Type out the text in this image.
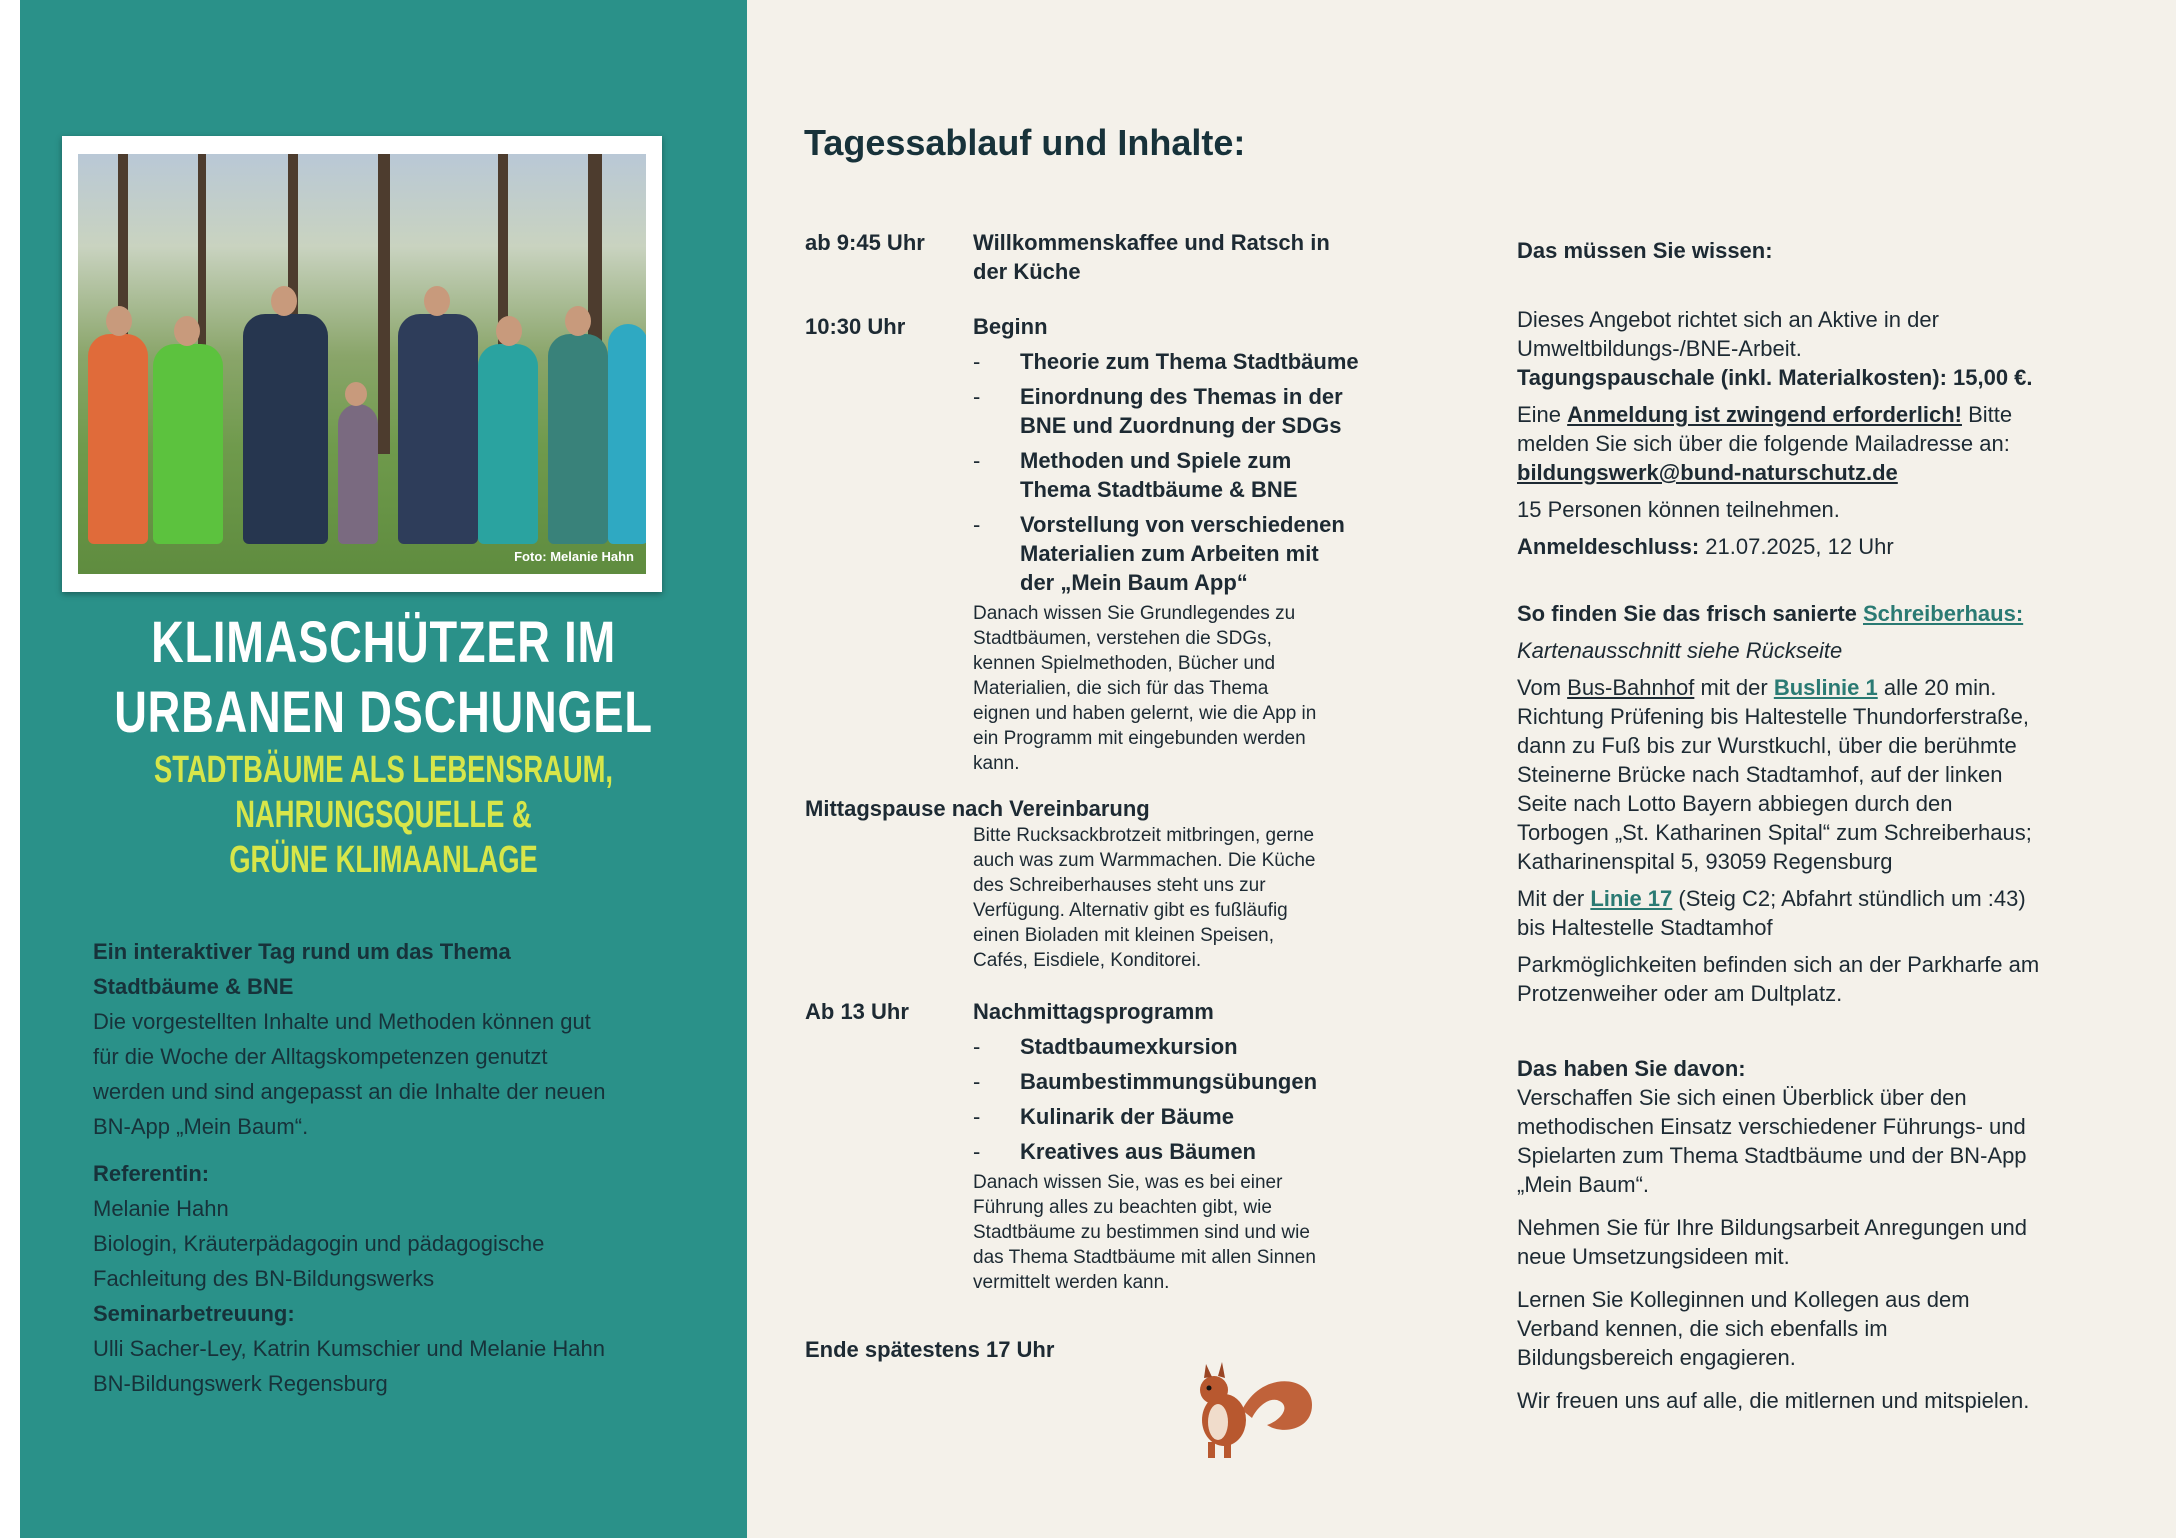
Foto: Melanie Hahn
KLIMASCHÜTZER IM
URBANEN DSCHUNGEL
STADTBÄUME ALS LEBENSRAUM,
NAHRUNGSQUELLE &
GRÜNE KLIMAANLAGE
Ein interaktiver Tag rund um das Thema
Stadtbäume & BNE
Die vorgestellten Inhalte und Methoden können gut
für die Woche der Alltagskompetenzen genutzt
werden und sind angepasst an die Inhalte der neuen
BN-App „Mein Baum“.
Referentin:
Melanie Hahn
Biologin, Kräuterpädagogin und pädagogische
Fachleitung des BN-Bildungswerks
Seminarbetreuung:
Ulli Sacher-Ley, Katrin Kumschier und Melanie Hahn
BN-Bildungswerk Regensburg
Tagessablauf und Inhalte:
ab 9:45 Uhr Willkommenskaffee und Ratsch in
der Küche
10:30 Uhr	Beginn
- Theorie zum Thema Stadtbäume
- Einordnung des Themas in der
BNE und Zuordnung der SDGs
- Methoden und Spiele zum
Thema Stadtbäume & BNE
- Vorstellung von verschiedenen
Materialien zum Arbeiten mit
der „Mein Baum App“
Danach wissen Sie Grundlegendes zu
Stadtbäumen, verstehen die SDGs,
kennen Spielmethoden, Bücher und
Materialien, die sich für das Thema
eignen und haben gelernt, wie die App in
ein Programm mit eingebunden werden
kann.
Mittagspause nach Vereinbarung
Bitte Rucksackbrotzeit mitbringen, gerne
auch was zum Warmmachen. Die Küche
des Schreiberhauses steht uns zur
Verfügung. Alternativ gibt es fußläufig
einen Bioladen mit kleinen Speisen,
Cafés, Eisdiele, Konditorei.
Ab 13 Uhr	Nachmittagsprogramm
- Stadtbaumexkursion
- Baumbestimmungsübungen
- Kulinarik der Bäume
- Kreatives aus Bäumen
Danach wissen Sie, was es bei einer
Führung alles zu beachten gibt, wie
Stadtbäume zu bestimmen sind und wie
das Thema Stadtbäume mit allen Sinnen
vermittelt werden kann.
Ende spätestens 17 Uhr

Das müssen Sie wissen:

Dieses Angebot richtet sich an Aktive in der

Umweltbildungs-/BNE-Arbeit.

Tagungspauschale (inkl. Materialkosten): 15,00 €.

Eine Anmeldung ist zwingend erforderlich! Bitte

melden Sie sich über die folgende Mailadresse an:

bildungswerk@bund-naturschutz.de

15 Personen können teilnehmen.

Anmeldeschluss: 21.07.2025, 12 Uhr

So finden Sie das frisch sanierte Schreiberhaus:

Kartenausschnitt siehe Rückseite

Vom Bus-Bahnhof mit der Buslinie 1 alle 20 min.

Richtung Prüfening bis Haltestelle Thundorferstraße,

dann zu Fuß bis zur Wurstkuchl, über die berühmte

Steinerne Brücke nach Stadtamhof, auf der linken

Seite nach Lotto Bayern abbiegen durch den

Torbogen „St. Katharinen Spital“ zum Schreiberhaus;

Katharinenspital 5, 93059 Regensburg

Mit der Linie 17 (Steig C2; Abfahrt stündlich um :43)

bis Haltestelle Stadtamhof

Parkmöglichkeiten befinden sich an der Parkharfe am

Protzenweiher oder am Dultplatz.

Das haben Sie davon:

Verschaffen Sie sich einen Überblick über den

methodischen Einsatz verschiedener Führungs- und

Spielarten zum Thema Stadtbäume und der BN-App

„Mein Baum“.

Nehmen Sie für Ihre Bildungsarbeit Anregungen und

neue Umsetzungsideen mit.

Lernen Sie Kolleginnen und Kollegen aus dem

Verband kennen, die sich ebenfalls im

Bildungsbereich engagieren.

Wir freuen uns auf alle, die mitlernen und mitspielen.
